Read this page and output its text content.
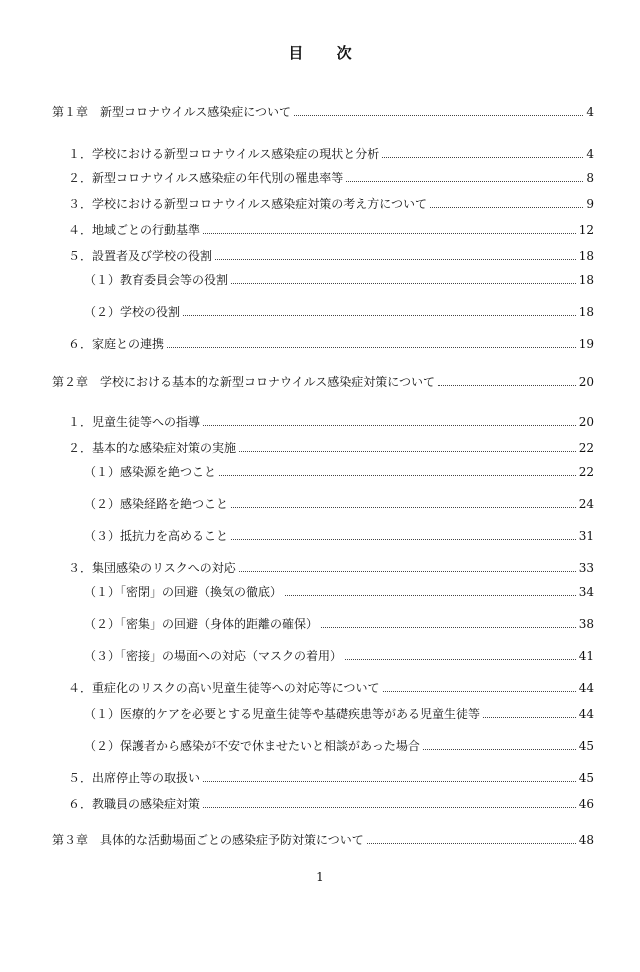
目 次
第１章　新型コロナウイルス感染症について	4
１．学校における新型コロナウイルス感染症の現状と分析	4
２．新型コロナウイルス感染症の年代別の罹患率等	8
３．学校における新型コロナウイルス感染症対策の考え方について	9
４．地域ごとの行動基準	12
５．設置者及び学校の役割	18
（１）教育委員会等の役割	18
（２）学校の役割	18
６．家庭との連携	19
第２章　学校における基本的な新型コロナウイルス感染症対策について	20
１．児童生徒等への指導	20
２．基本的な感染症対策の実施	22
（１）感染源を絶つこと	22
（２）感染経路を絶つこと	24
（３）抵抗力を高めること	31
３．集団感染のリスクへの対応	33
（１）「密閉」の回避（換気の徹底）	34
（２）「密集」の回避（身体的距離の確保）	38
（３）「密接」の場面への対応（マスクの着用）	41
４．重症化のリスクの高い児童生徒等への対応等について	44
（１）医療的ケアを必要とする児童生徒等や基礎疾患等がある児童生徒等	44
（２）保護者から感染が不安で休ませたいと相談があった場合	45
５．出席停止等の取扱い	45
６．教職員の感染症対策	46
第３章　具体的な活動場面ごとの感染症予防対策について	48
1
